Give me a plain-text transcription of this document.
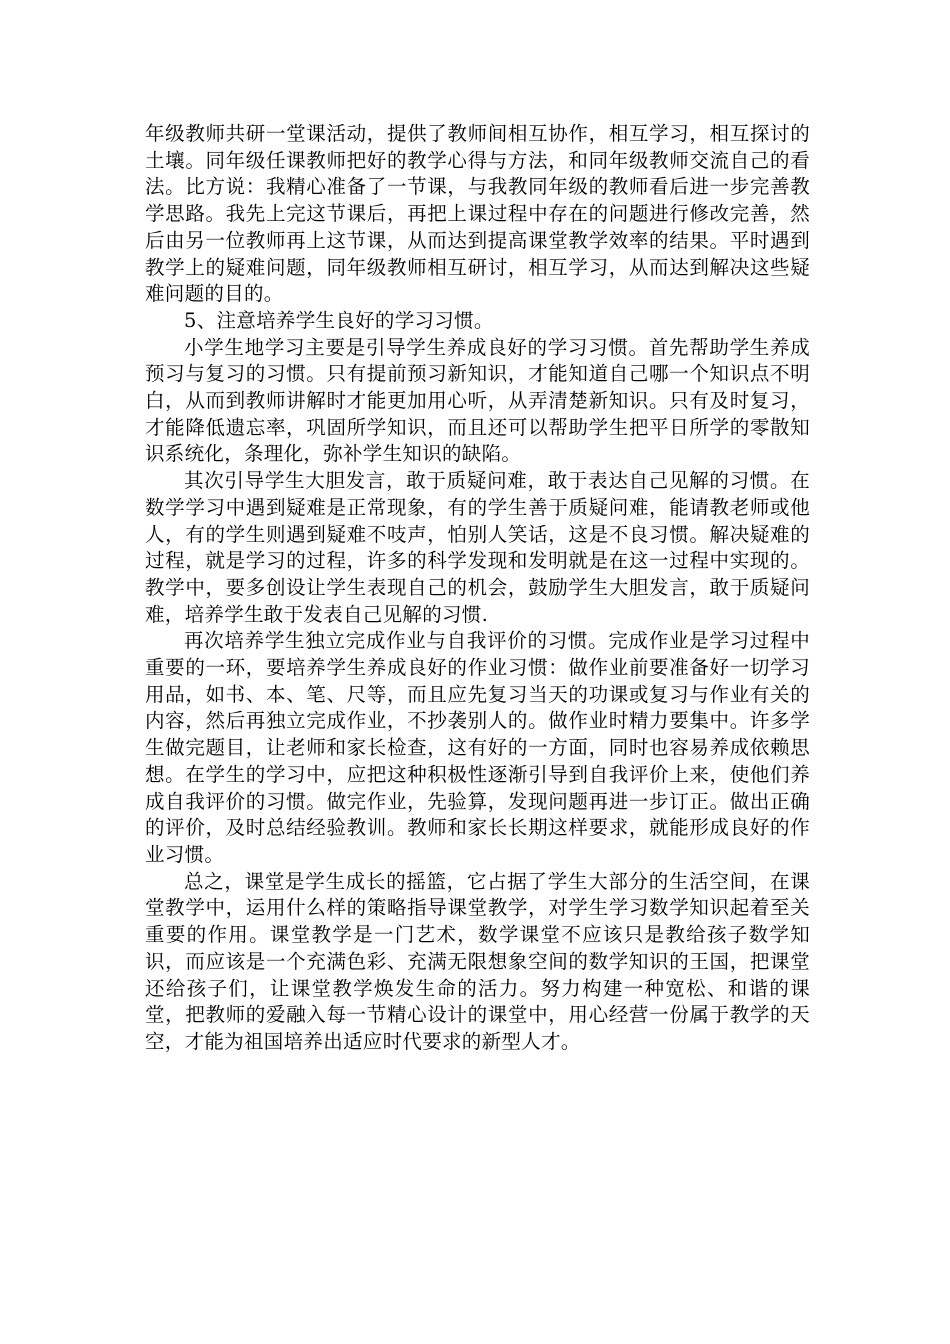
年级教师共研一堂课活动，提供了教师间相互协作，相互学习，相互探讨的土壤。同年级任课教师把好的教学心得与方法，和同年级教师交流自己的看法。比方说：我精心准备了一节课，与我教同年级的教师看后进一步完善教学思路。我先上完这节课后，再把上课过程中存在的问题进行修改完善，然后由另一位教师再上这节课，从而达到提高课堂教学效率的结果。平时遇到教学上的疑难问题，同年级教师相互研讨，相互学习，从而达到解决这些疑难问题的目的。

5、注意培养学生良好的学习习惯。

小学生地学习主要是引导学生养成良好的学习习惯。首先帮助学生养成预习与复习的习惯。只有提前预习新知识，才能知道自己哪一个知识点不明白，从而到教师讲解时才能更加用心听，从弄清楚新知识。只有及时复习，才能降低遗忘率，巩固所学知识，而且还可以帮助学生把平日所学的零散知识系统化，条理化，弥补学生知识的缺陷。

其次引导学生大胆发言，敢于质疑问难，敢于表达自己见解的习惯。在数学学习中遇到疑难是正常现象，有的学生善于质疑问难，能请教老师或他人，有的学生则遇到疑难不吱声，怕别人笑话，这是不良习惯。解决疑难的过程，就是学习的过程，许多的科学发现和发明就是在这一过程中实现的。教学中，要多创设让学生表现自己的机会，鼓励学生大胆发言，敢于质疑问难，培养学生敢于发表自己见解的习惯.

再次培养学生独立完成作业与自我评价的习惯。完成作业是学习过程中重要的一环，要培养学生养成良好的作业习惯：做作业前要准备好一切学习用品，如书、本、笔、尺等，而且应先复习当天的功课或复习与作业有关的内容，然后再独立完成作业，不抄袭别人的。做作业时精力要集中。许多学生做完题目，让老师和家长检查，这有好的一方面，同时也容易养成依赖思想。在学生的学习中，应把这种积极性逐渐引导到自我评价上来，使他们养成自我评价的习惯。做完作业，先验算，发现问题再进一步订正。做出正确的评价，及时总结经验教训。教师和家长长期这样要求，就能形成良好的作业习惯。

总之，课堂是学生成长的摇篮，它占据了学生大部分的生活空间，在课堂教学中，运用什么样的策略指导课堂教学，对学生学习数学知识起着至关重要的作用。课堂教学是一门艺术，数学课堂不应该只是教给孩子数学知识，而应该是一个充满色彩、充满无限想象空间的数学知识的王国，把课堂还给孩子们，让课堂教学焕发生命的活力。努力构建一种宽松、和谐的课堂，把教师的爱融入每一节精心设计的课堂中，用心经营一份属于教学的天空，才能为祖国培养出适应时代要求的新型人才。
